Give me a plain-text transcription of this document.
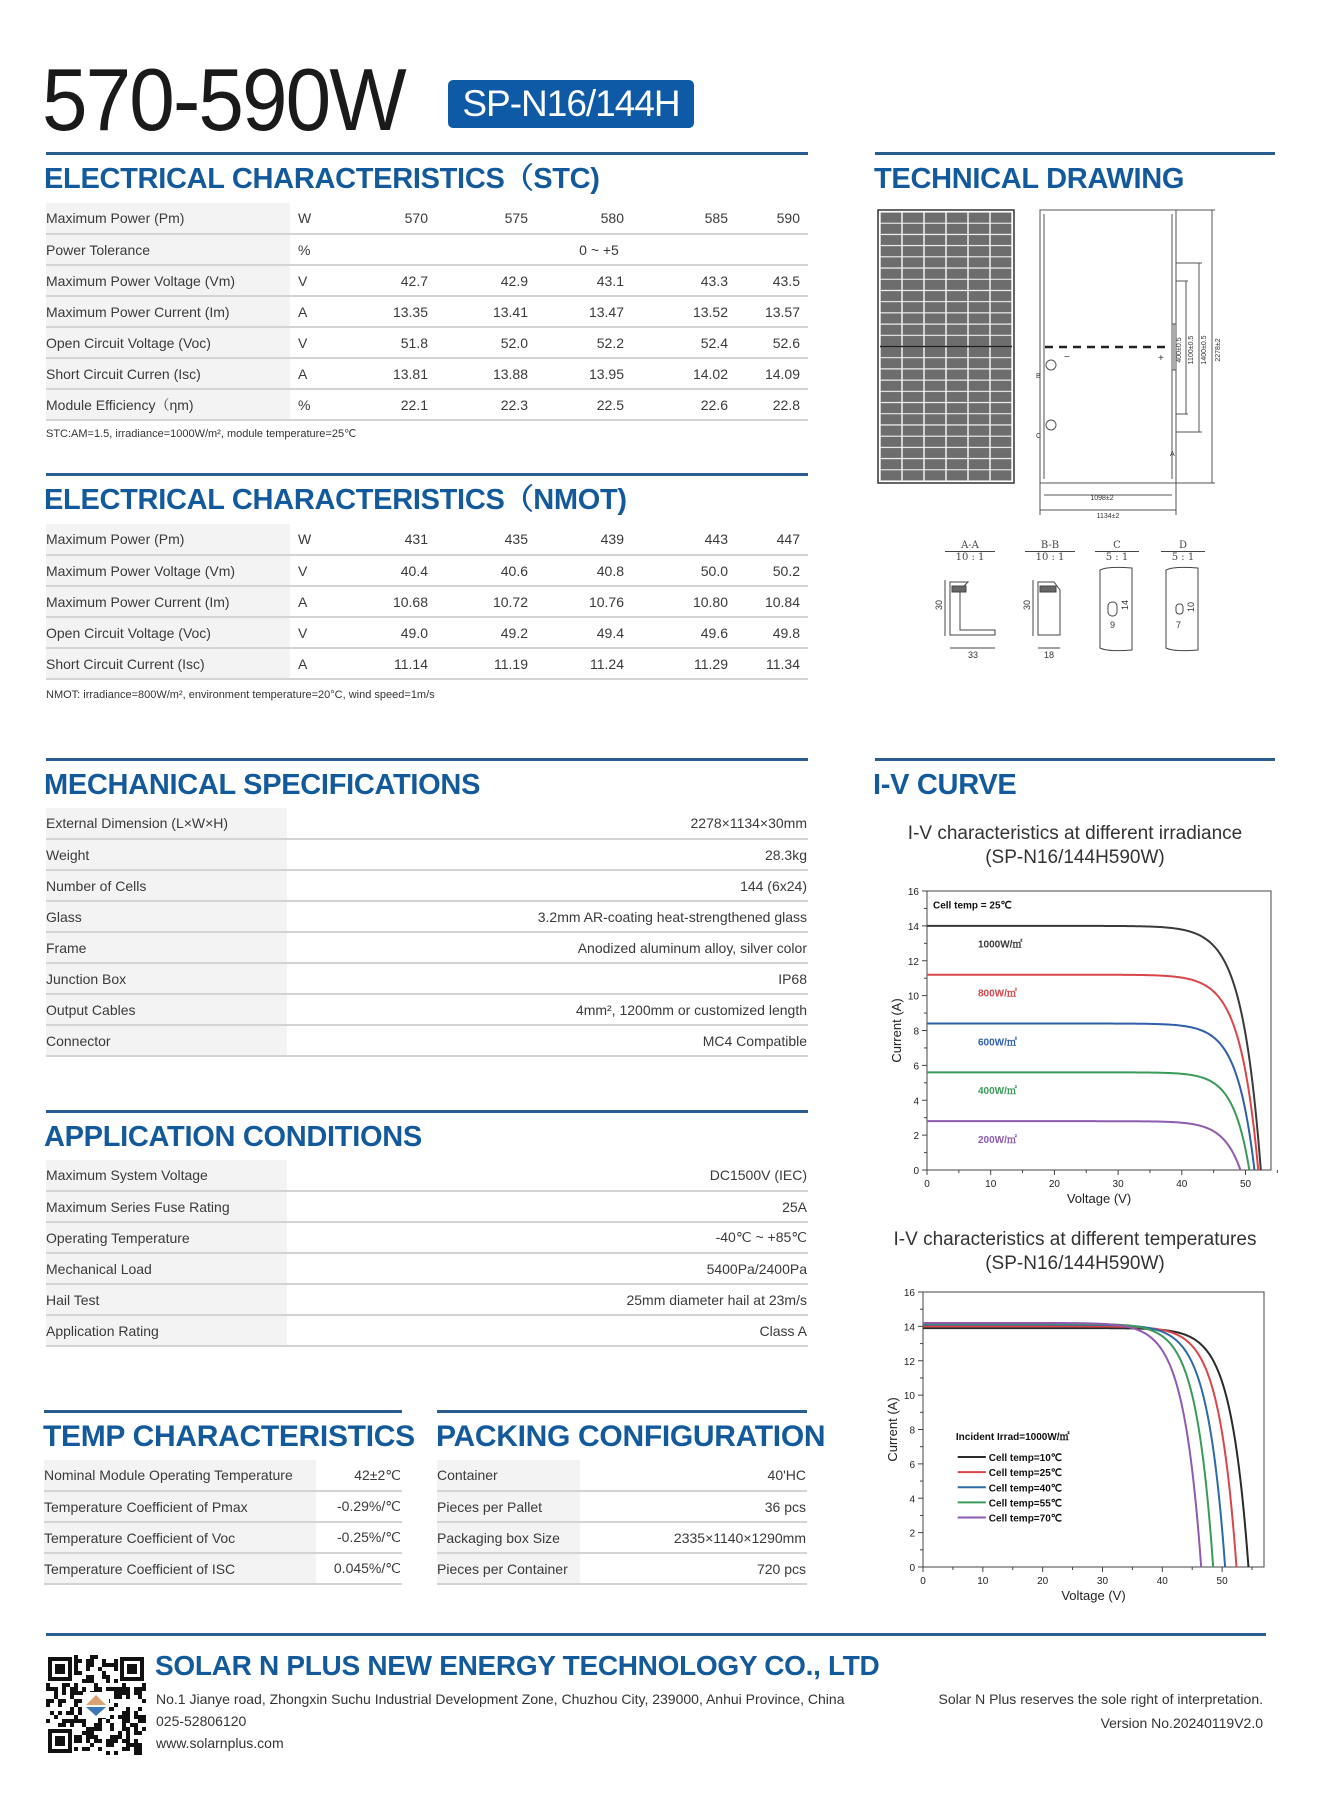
570-590W	SP-N16/144H
ELECTRICAL CHARACTERISTICS（STC)
Maximum Power (Pm)	W	570	575	580	585	590
Power Tolerance	%	0 ~ +5				
Maximum Power Voltage (Vm)	V	42.7	42.9	43.1	43.3	43.5
Maximum Power Current (Im)	A	13.35	13.41	13.47	13.52	13.57
Open Circuit Voltage (Voc)	V	51.8	52.0	52.2	52.4	52.6
Short Circuit Curren (Isc)	A	13.81	13.88	13.95	14.02	14.09
Module Efficiency（ηm)	%	22.1	22.3	22.5	22.6	22.8
STC:AM=1.5, irradiance=1000W/m², module temperature=25℃
ELECTRICAL CHARACTERISTICS（NMOT)
Maximum Power (Pm)	W	431	435	439	443	447
Maximum Power Voltage (Vm)	V	40.4	40.6	40.8	50.0	50.2
Maximum Power Current (Im)	A	10.68	10.72	10.76	10.80	10.84
Open Circuit Voltage (Voc)	V	49.0	49.2	49.4	49.6	49.8
Short Circuit Current (Isc)	A	11.14	11.19	11.24	11.29	11.34
NMOT: irradiance=800W/m², environment temperature=20°C, wind speed=1m/s
MECHANICAL SPECIFICATIONS
External Dimension (L×W×H)	2278×1134×30mm
Weight	28.3kg
Number of Cells	144 (6x24)
Glass	3.2mm AR-coating heat-strengthened glass
Frame	Anodized aluminum alloy, silver color
Junction Box	IP68
Output Cables	4mm², 1200mm or customized length
Connector	MC4 Compatible
APPLICATION CONDITIONS
Maximum System Voltage	DC1500V (IEC)
Maximum Series Fuse Rating	25A
Operating Temperature	-40℃ ~ +85℃
Mechanical Load	5400Pa/2400Pa
Hail Test	25mm diameter hail at 23m/s
Application Rating	Class A
TEMP CHARACTERISTICS
Nominal Module Operating Temperature	42±2℃
Temperature Coefficient of Pmax	-0.29%/℃
Temperature Coefficient of Voc	-0.25%/℃
Temperature Coefficient of ISC	0.045%/℃
PACKING CONFIGURATION
Container	40'HC
Pieces per Pallet	36 pcs
Packaging box Size	2335×1140×1290mm
Pieces per Container	720 pcs
TECHNICAL DRAWING
1098±2
1134±2
2278±2
1400±0.5
1100±0.5
400±0.5
−	+
B
C
A
A-A
10 : 1
B-B
10 : 1
C
5 : 1
D
5 : 1
30
33
30
18
14
9
10
7
I-V CURVE
I-V characteristics at different irradiance
(SP-N16/144H590W)
0	10	20	30	40	50
0
2
4
6
8
10
12
14
16
Voltage (V)
Current (A)
Cell temp = 25℃
1000W/㎡
800W/㎡
600W/㎡
400W/㎡
200W/㎡
I-V characteristics at different temperatures
(SP-N16/144H590W)
0	10	20	30	40	50
0
2
4
6
8
10
12
14
16
Voltage (V)
Current (A)	Incident Irrad=1000W/㎡
Cell temp=10℃
Cell temp=25℃
Cell temp=40℃
Cell temp=55℃
Cell temp=70℃
SOLAR N PLUS NEW ENERGY TECHNOLOGY CO., LTD
No.1 Jianye road, Zhongxin Suchu Industrial Development Zone, Chuzhou City, 239000, Anhui Province, China
025-52806120
www.solarnplus.com
Solar N Plus reserves the sole right of interpretation.
Version No.20240119V2.0
